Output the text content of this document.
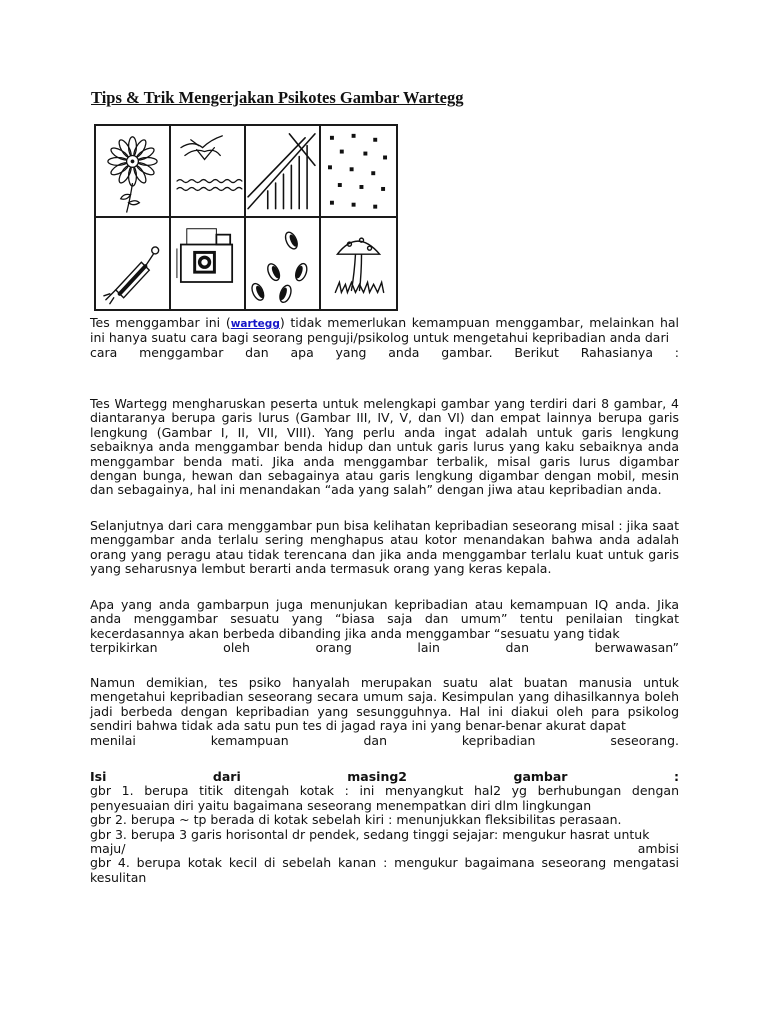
Tips & Trik Mengerjakan Psikotes Gambar Wartegg

Tes menggambar ini (wartegg) tidak memerlukan kemampuan menggambar, melainkan hal ini hanya suatu cara bagi seorang penguji/psikolog untuk mengetahui kepribadian anda dari

cara menggambar dan apa yang anda gambar. Berikut Rahasianya :

Tes Wartegg mengharuskan peserta untuk melengkapi gambar yang terdiri dari 8 gambar, 4 diantaranya berupa garis lurus (Gambar III, IV, V, dan VI) dan empat lainnya berupa garis lengkung (Gambar I, II, VII, VIII). Yang perlu anda ingat adalah untuk garis lengkung sebaiknya anda menggambar benda hidup dan untuk garis lurus yang kaku sebaiknya anda menggambar benda mati. Jika anda menggambar terbalik, misal garis lurus digambar dengan bunga, hewan dan sebagainya atau garis lengkung digambar dengan mobil, mesin dan sebagainya, hal ini menandakan “ada yang salah” dengan jiwa atau kepribadian anda.

Selanjutnya dari cara menggambar pun bisa kelihatan kepribadian seseorang misal : jika saat menggambar anda terlalu sering menghapus atau kotor menandakan bahwa anda adalah orang yang peragu atau tidak terencana dan jika anda menggambar terlalu kuat untuk garis yang seharusnya lembut berarti anda termasuk orang yang keras kepala.

Apa yang anda gambarpun juga menunjukan kepribadian atau kemampuan IQ anda. Jika anda menggambar sesuatu yang “biasa saja dan umum” tentu penilaian tingkat kecerdasannya akan berbeda dibanding jika anda menggambar “sesuatu yang tidak

terpikirkan oleh orang lain dan berwawasan”

Namun demikian, tes psiko hanyalah merupakan suatu alat buatan manusia untuk mengetahui kepribadian seseorang secara umum saja. Kesimpulan yang dihasilkannya boleh jadi berbeda dengan kepribadian yang sesungguhnya. Hal ini diakui oleh para psikolog sendiri bahwa tidak ada satu pun tes di jagad raya ini yang benar-benar akurat dapat

menilai kemampuan dan kepribadian seseorang.

Isi dari masing2 gambar :

gbr 1. berupa titik ditengah kotak : ini menyangkut hal2 yg berhubungan dengan penyesuaian diri yaitu bagaimana seseorang menempatkan diri dlm lingkungan

gbr 2. berupa ~ tp berada di kotak sebelah kiri : menunjukkan fleksibilitas perasaan.

gbr 3. berupa 3 garis horisontal dr pendek, sedang tinggi sejajar: mengukur hasrat untuk

maju/ ambisi

gbr 4. berupa kotak kecil di sebelah kanan : mengukur bagaimana seseorang mengatasi kesulitan
